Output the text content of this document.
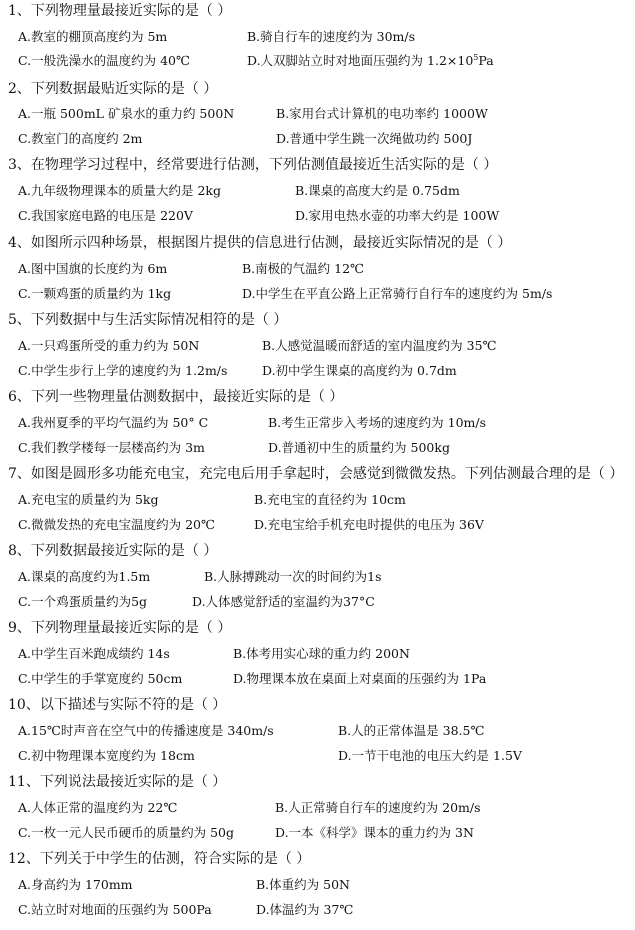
1、下列物理量最接近实际的是（ ）
A.教室的棚顶高度约为 5m	B.骑自行车的速度约为 30m/s
C.一般洗澡水的温度约为 40℃	D.人双脚站立时对地面压强约为 $1.2\times 10^5Pa$
2、下列数据最贴近实际的是（ ）
A.一瓶 500mL 矿泉水的重力约 500N	B.家用台式计算机的电功率约 1000W
C.教室门的高度约 2m	D.普通中学生跳一次绳做功约 500J
3、在物理学习过程中，经常要进行估测，下列估测值最接近生活实际的是（ ）
A.九年级物理课本的质量大约是 2kg	B.课桌的高度大约是 0.75dm
C.我国家庭电路的电压是 220V	D.家用电热水壶的功率大约是 100W
4、如图所示四种场景，根据图片提供的信息进行估测，最接近实际情况的是（ ）
A.图中国旗的长度约为 6m	B.南极的气温约 12℃
C.一颗鸡蛋的质量约为 1kg	D.中学生在平直公路上正常骑行自行车的速度约为 5m/s
5、下列数据中与生活实际情况相符的是（ ）
A.一只鸡蛋所受的重力约为 50N	B.人感觉温暖而舒适的室内温度约为 35℃
C.中学生步行上学的速度约为 1.2m/s	D.初中学生课桌的高度约为 0.7dm
6、下列一些物理量估测数据中，最接近实际的是（ ）
A.我州夏季的平均气温约为 50° C	B.考生正常步入考场的速度约为 10m/s
C.我们教学楼每一层楼高约为 3m	D.普通初中生的质量约为 500kg
7、如图是圆形多功能充电宝，充完电后用手拿起时，会感觉到微微发热。下列估测最合理的是（ ）
A.充电宝的质量约为 5kg	B.充电宝的直径约为 10cm
C.微微发热的充电宝温度约为 20℃	D.充电宝给手机充电时提供的电压为 36V
8、下列数据最接近实际的是（ ）
A.课桌的高度约为1.5m	B.人脉搏跳动一次的时间约为1s
C.一个鸡蛋质量约为5g	D.人体感觉舒适的室温约为37°C
9、下列物理量最接近实际的是（ ）
A.中学生百米跑成绩约 14s	B.体考用实心球的重力约 200N
C.中学生的手掌宽度约 50cm	D.物理课本放在桌面上对桌面的压强约为 1Pa
10、以下描述与实际不符的是（ ）
A.15℃时声音在空气中的传播速度是 340m/s	B.人的正常体温是 38.5℃
C.初中物理课本宽度约为 18cm	D.一节干电池的电压大约是 1.5V
11、下列说法最接近实际的是（ ）
A.人体正常的温度约为 22℃	B.人正常骑自行车的速度约为 20m/s
C.一枚一元人民币硬币的质量约为 50g	D.一本《科学》课本的重力约为 3N
12、下列关于中学生的估测，符合实际的是（ ）
A.身高约为 170mm	B.体重约为 50N
C.站立时对地面的压强约为 500Pa	D.体温约为 37℃
